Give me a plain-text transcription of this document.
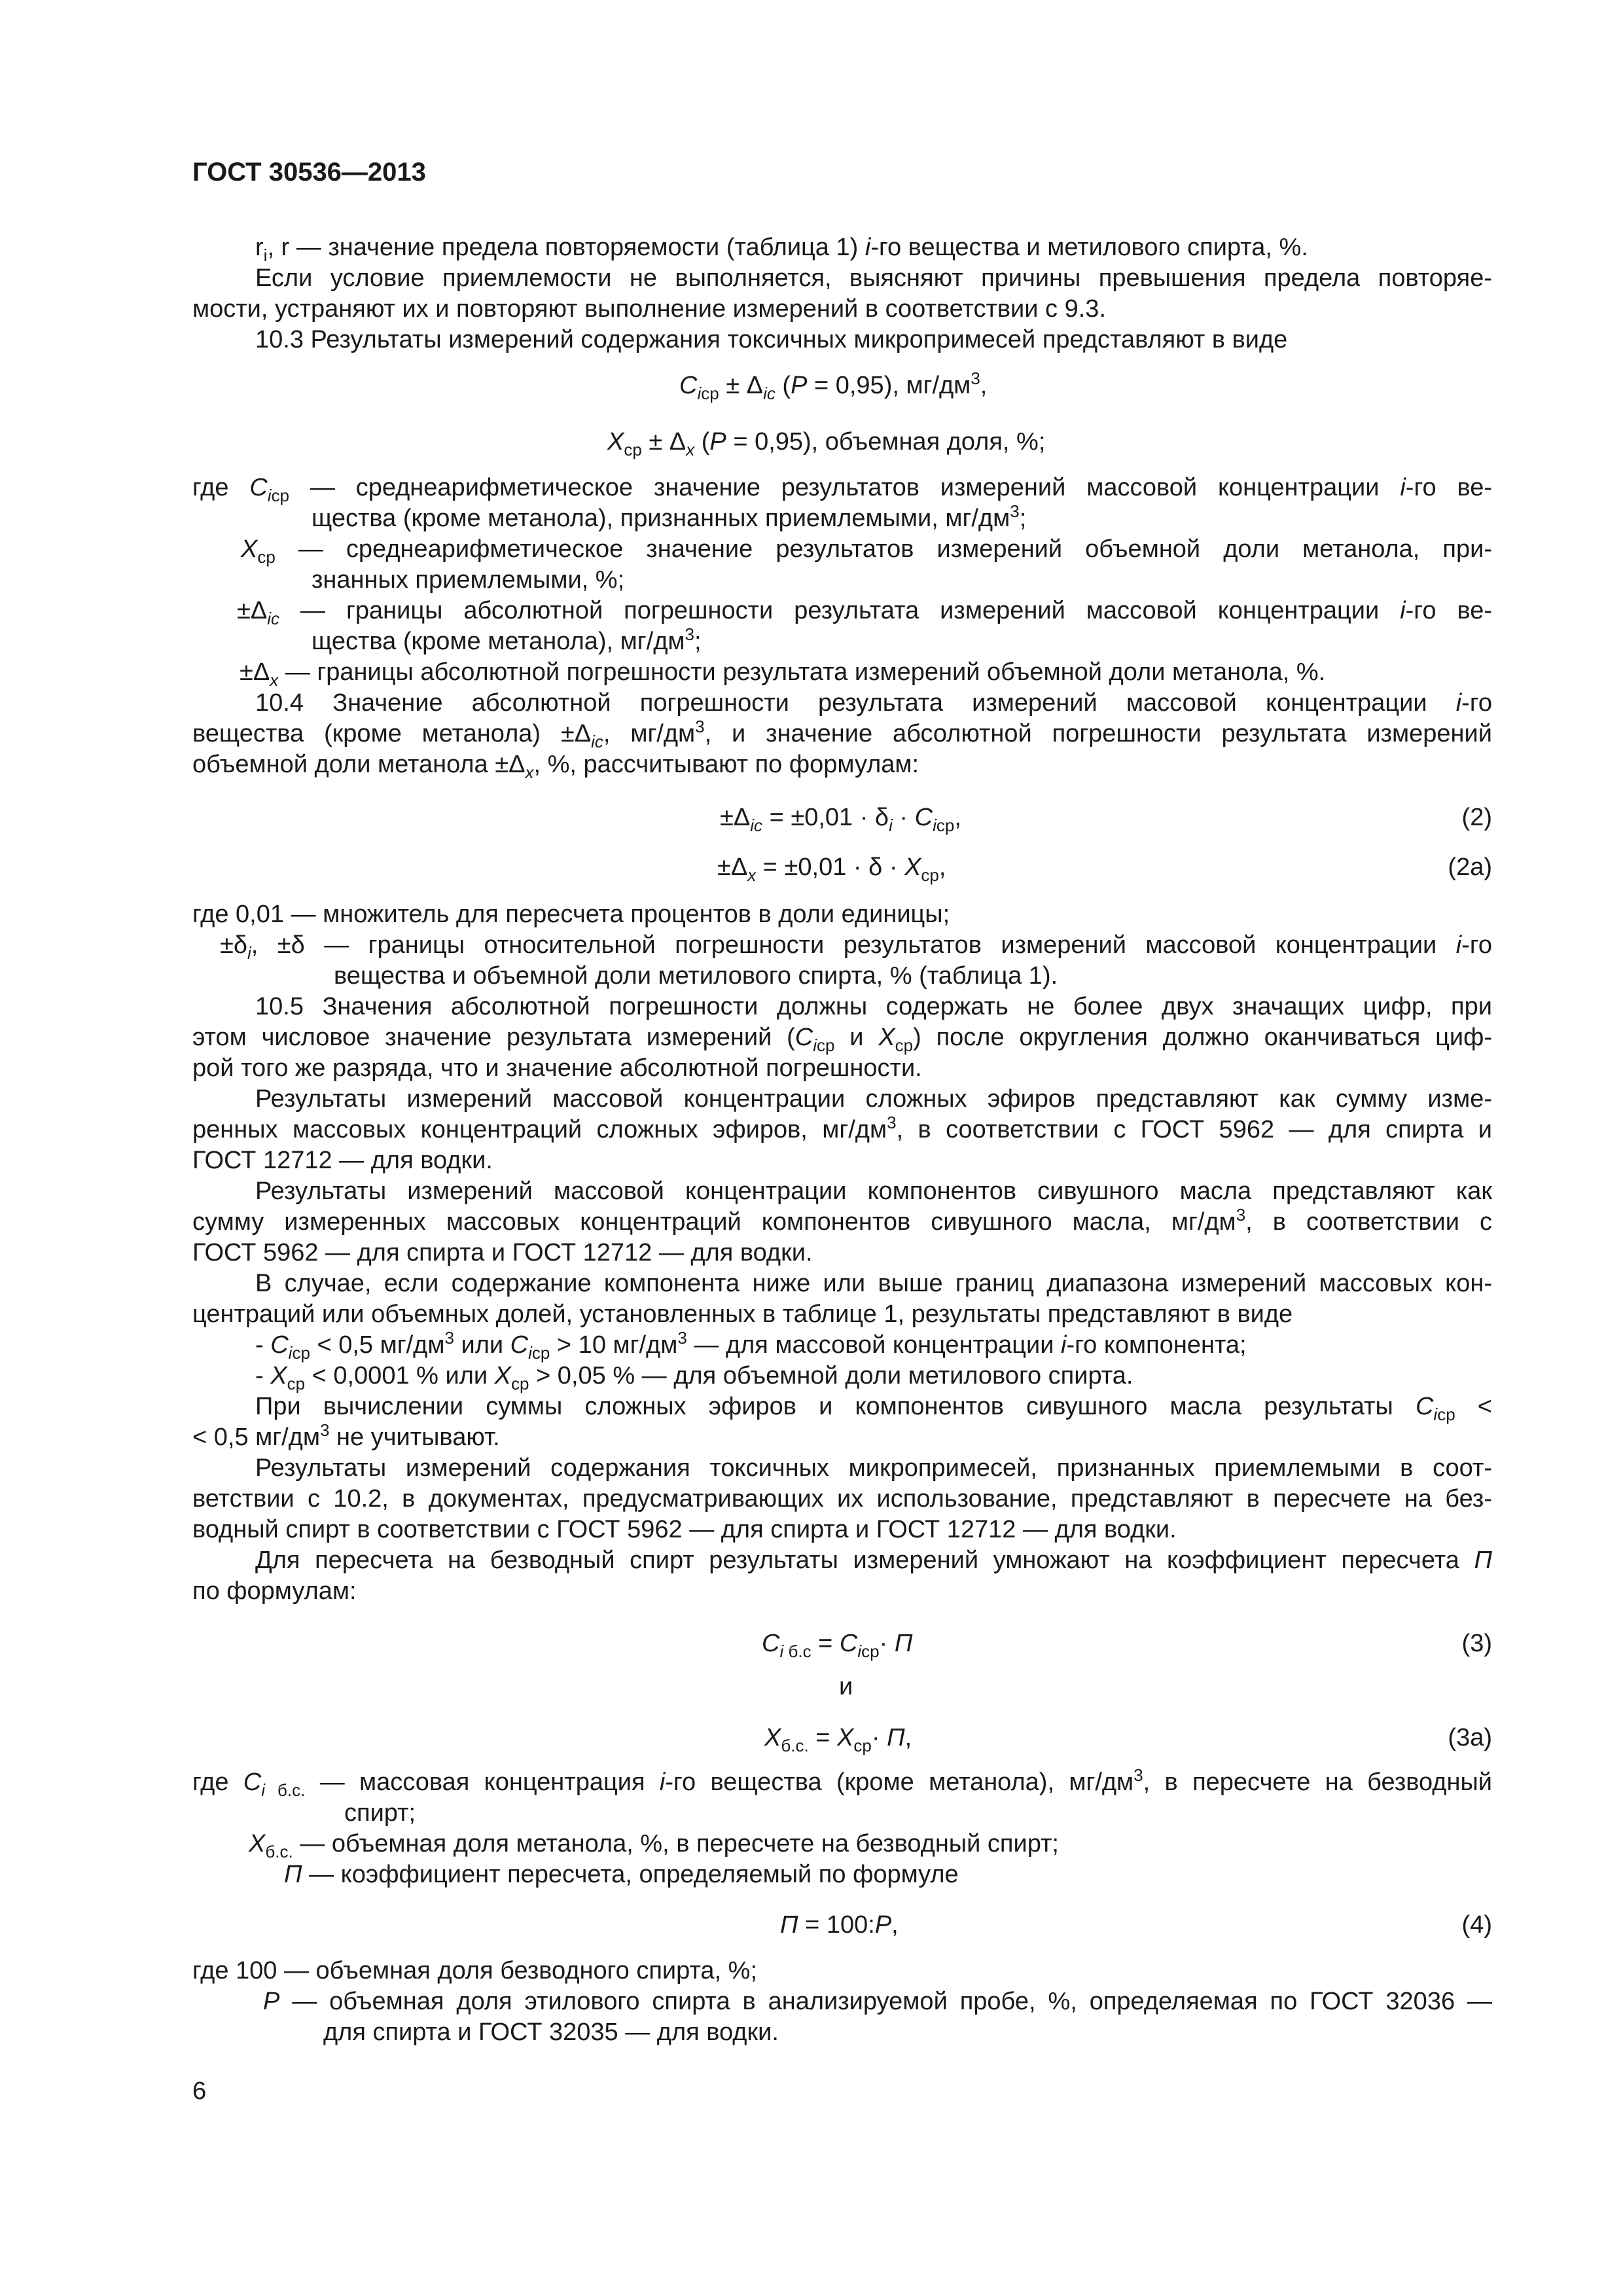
ГОСТ 30536—2013
$r_i$, r — значение предела повторяемости (таблица 1) i-го вещества и метилового спирта, %.
Если условие приемлемости не выполняется, выясняют причины превышения предела повторяе-
мости, устраняют их и повторяют выполнение измерений в соответствии с 9.3.
10.3 Результаты измерений содержания токсичных микропримесей представляют в виде
$C_{iср} \pm \Delta_{ic}$ (P = 0,95), $мг/дм^3$,
$X_{ср} \pm \Delta_x$ (P = 0,95), объемная доля, %;
где $C_{iср}$ — среднеарифметическое значение результатов измерений массовой концентрации i-го ве-
щества (кроме метанола), признанных приемлемыми, $мг/дм^3$;
$X_{ср}$ — среднеарифметическое значение результатов измерений объемной доли метанола, при-
знанных приемлемыми, %;
$\pm\Delta_{ic}$ — границы абсолютной погрешности результата измерений массовой концентрации i-го ве-
щества (кроме метанола), $мг/дм^3$;
$\pm\Delta_x$ — границы абсолютной погрешности результата измерений объемной доли метанола, %.
10.4 Значение абсолютной погрешности результата измерений массовой концентрации i-го
вещества (кроме метанола) $\pm\Delta_{ic}$, $мг/дм^3$, и значение абсолютной погрешности результата измерений
объемной доли метанола $\pm\Delta_x$, %, рассчитывают по формулам:
$\pm\Delta_{ic} = \pm 0,01 \cdot \delta_i \cdot C_{iср}$,	(2)
$\pm\Delta_x = \pm 0,01 \cdot \delta \cdot X_{ср}$,	(2а)
где 0,01 — множитель для пересчета процентов в доли единицы;
$\pm\delta_i$, ±δ — границы относительной погрешности результатов измерений массовой концентрации i-го
вещества и объемной доли метилового спирта, % (таблица 1).
10.5 Значения абсолютной погрешности должны содержать не более двух значащих цифр, при
этом числовое значение результата измерений ($C_{iср}$ и $X_{ср}$) после округления должно оканчиваться циф-
рой того же разряда, что и значение абсолютной погрешности.
Результаты измерений массовой концентрации сложных эфиров представляют как сумму изме-
ренных массовых концентраций сложных эфиров, $мг/дм^3$, в соответствии с ГОСТ 5962 — для спирта и
ГОСТ 12712 — для водки.
Результаты измерений массовой концентрации компонентов сивушного масла представляют как
сумму измеренных массовых концентраций компонентов сивушного масла, $мг/дм^3$, в соответствии с
ГОСТ 5962 — для спирта и ГОСТ 12712 — для водки.
В случае, если содержание компонента ниже или выше границ диапазона измерений массовых кон-
центраций или объемных долей, установленных в таблице 1, результаты представляют в виде
- $C_{iср} < 0,5$ $мг/дм^3$ или $C_{iср} > 10$ $мг/дм^3$ — для массовой концентрации i-го компонента;
- $X_{ср} < 0,0001$ % или $X_{ср} > 0,05$ % — для объемной доли метилового спирта.
При вычислении суммы сложных эфиров и компонентов сивушного масла результаты $C_{iср}$ <
< 0,5 $мг/дм^3$ не учитывают.
Результаты измерений содержания токсичных микропримесей, признанных приемлемыми в соот-
ветствии с 10.2, в документах, предусматривающих их использование, представляют в пересчете на без-
водный спирт в соответствии с ГОСТ 5962 — для спирта и ГОСТ 12712 — для водки.
Для пересчета на безводный спирт результаты измерений умножают на коэффициент пересчета П
по формулам:
$C_i$ $_{б.с} = C_{iср}\cdot П$	(3)
и
$X_{б.с.} = X_{ср}\cdot П$,	(3а)
где $C_i$ $_{б.с.}$ — массовая концентрация i-го вещества (кроме метанола), $мг/дм^3$, в пересчете на безводный
спирт;
$X_{б.с.}$ — объемная доля метанола, %, в пересчете на безводный спирт;
П — коэффициент пересчета, определяемый по формуле
П = 100:P,	(4)
где 100 — объемная доля безводного спирта, %;
P — объемная доля этилового спирта в анализируемой пробе, %, определяемая по ГОСТ 32036 —
для спирта и ГОСТ 32035 — для водки.
6
